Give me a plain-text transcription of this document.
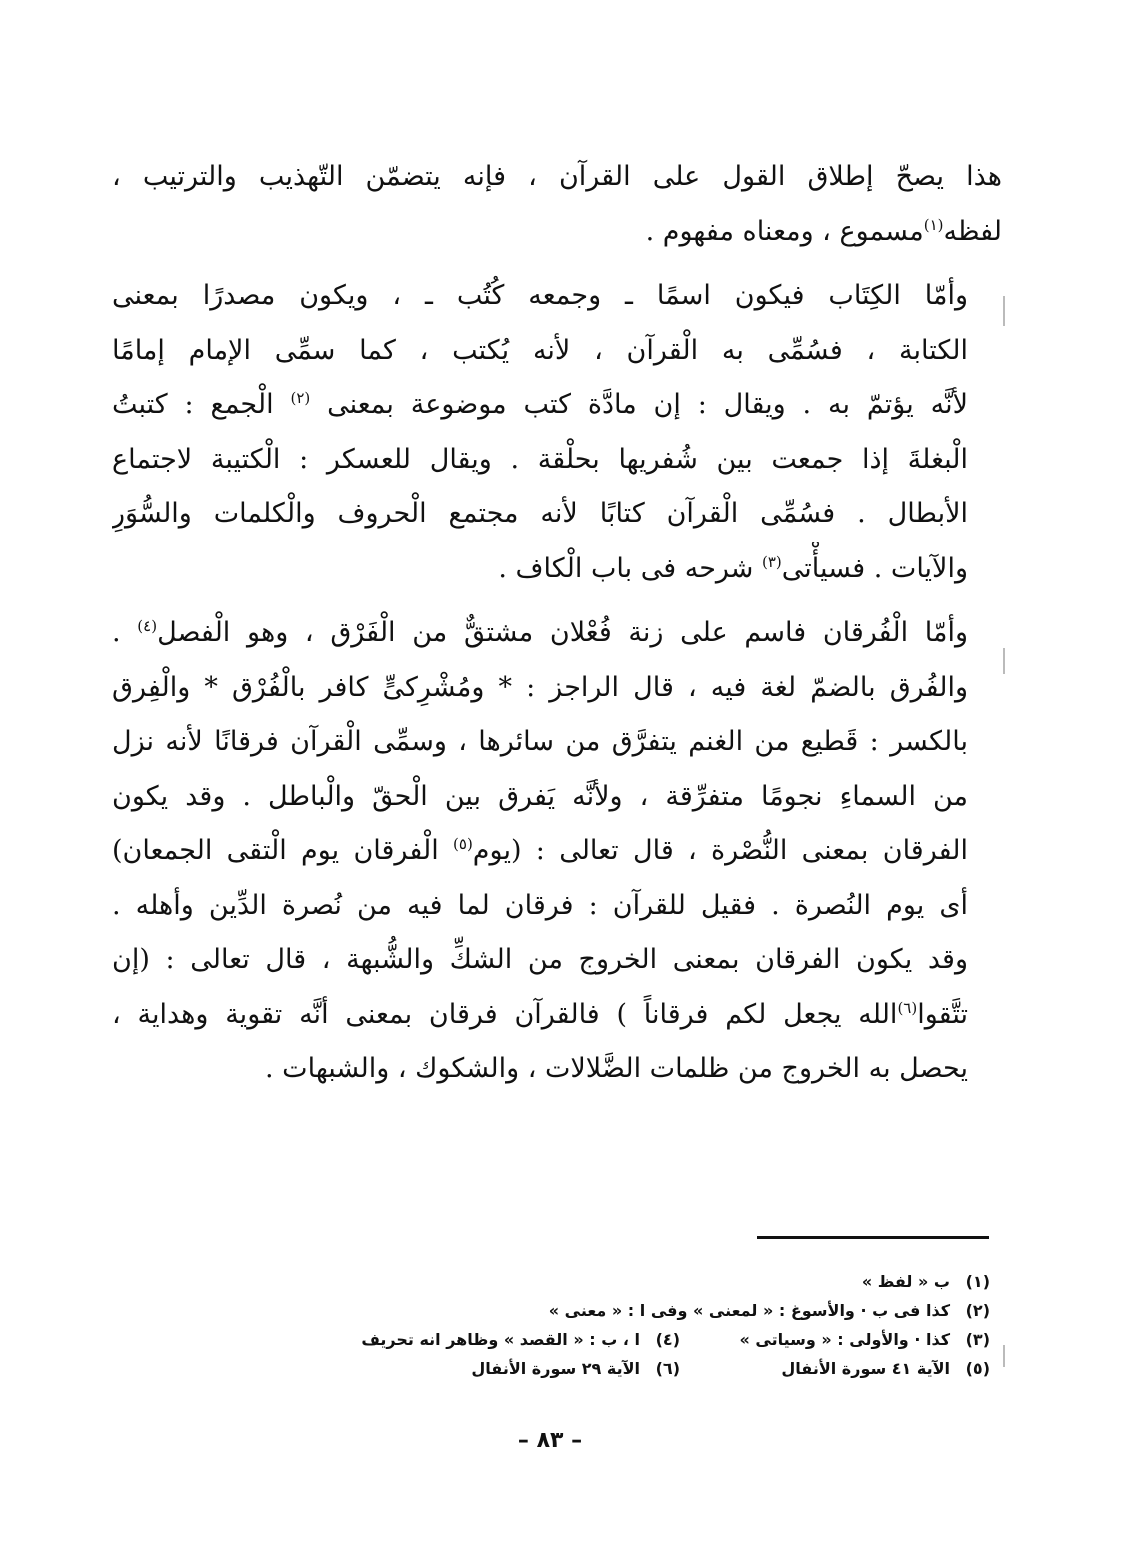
هذا يصحّ إطلاق القول على القرآن ، فإنه يتضمّن التّهذيب والترتيب ،
لفظه$^{(١)}$مسموع ، ومعناه مفهوم .
وأمّا الكِتَاب فيكون اسمًا ـ وجمعه كُتُب ـ ، ويكون مصدرًا بمعنى
الكتابة ، فسُمِّى به الْقرآن ، لأنه يُكتب ، كما سمِّى الإمام إمامًا
لأنَّه يؤتمّ به . ويقال : إن مادَّة كتب موضوعة بمعنى $^{(٢)}$ الْجمع : كتبتُ
الْبغلةَ إذا جمعت بين شُفريها بحلْقة . ويقال للعسكر : الْكتيبة لاجتماع
الأبطال . فسُمِّى الْقرآن كتابًا لأنه مجتمع الْحروف والْكلمات والسُّوَرِ
والآيات . فسيأْتى$^{(٣)}$ شرحه فى باب الْكاف .
وأمّا الْفُرقان فاسم على زنة فُعْلان مشتقٌّ من الْفَرْق ، وهو الْفصل$^{(٤)}$ .
والفُرق بالضمّ لغة فيه ، قال الراجز : * ومُشْرِكىٍّ كافر بالْفُرْق * والْفِرق
بالكسر : قَطيع من الغنم يتفرَّق من سائرها ، وسمِّى الْقرآن فرقانًا لأنه نزل
من السماءِ نجومًا متفرِّقة ، ولأنَّه يَفرق بين الْحقّ والْباطل . وقد يكون
الفرقان بمعنى النُّصْرة ، قال تعالى : (يوم$^{(٥)}$ الْفرقان يوم الْتقى الجمعان)
أى يوم النُصرة . فقيل للقرآن : فرقان لما فيه من نُصرة الدِّين وأهله .
وقد يكون الفرقان بمعنى الخروج من الشكِّ والشُّبهة ، قال تعالى : (إن
تتَّقوا$^{(٦)}$الله يجعل لكم فرقاناً ) فالقرآن فرقان بمعنى أنَّه تقوية وهداية ،
يحصل به الخروج من ظلمات الضَّلالات ، والشكوك ، والشبهات .
(١)
ب « لفظ »
(٢)
كذا فى ب · والأسوغ : « لمعنى » وفى ا : « معنى »
(٣)
كذا · والأولى : « وسياتى »
(٤)
ا ، ب : « القصد » وظاهر انه تحريف
(٥)
الآية ٤١ سورة الأنفال
(٦)
الآية ٢٩ سورة الأنفال
– ٨٣ –
